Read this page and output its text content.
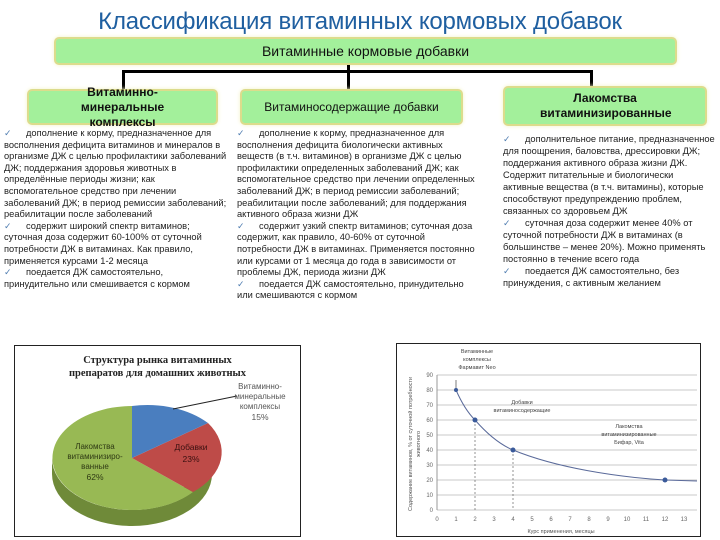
Классификация витаминных кормовых добавок
Витаминные кормовые добавки
Витаминно-минеральные комплексы
Витаминосодержащие добавки
Лакомства витаминизированные
✓ дополнение к корму, предназначенное для восполнения дефицита витаминов и минералов в организме ДЖ с целью профилактики заболеваний ДЖ; поддержания здоровья животных в определённые периоды жизни; как вспомогательное средство при лечении заболеваний ДЖ; в период ремиссии заболеваний; реабилитации после заболеваний
✓ содержит широкий спектр витаминов; суточная доза содержит 60-100% от суточной потребности ДЖ в витаминах. Как правило, применяется курсами 1-2 месяца
✓ поедается ДЖ самостоятельно, принудительно или смешивается с кормом
✓ дополнение к корму, предназначенное для восполнения дефицита биологически активных веществ (в т.ч. витаминов) в организме ДЖ с целью профилактики определенных заболеваний ДЖ; как вспомогательное средство при лечении определенных заболеваний ДЖ; в период ремиссии заболеваний; реабилитации после заболеваний; для поддержания активного образа жизни ДЖ
✓ содержит узкий спектр витаминов; суточная доза содержит, как правило, 40-60% от суточной потребности ДЖ в витаминах. Применяется постоянно или курсами от 1 месяца до года в зависимости от проблемы ДЖ, периода жизни ДЖ
✓ поедается ДЖ самостоятельно, принудительно или смешиваются с кормом
✓ дополнительное питание, предназначенное для поощрения, баловства, дрессировки ДЖ; поддержания активного образа жизни ДЖ. Содержит питательные и биологически активные вещества (в т.ч. витамины), которые способствуют предупреждению проблем, связанных со здоровьем ДЖ
✓ суточная доза содержит менее 40% от суточной потребности ДЖ в витаминах (в большинстве – менее 20%). Можно применять постоянно в течение всего года
✓ поедается ДЖ самостоятельно, без принуждения, с активным желанием
Структура рынка витаминных препаратов для домашних животных
Витаминно-
минеральные
комплексы
15%
Добавки
23%
Лакомства
витаминизиро-
ванные
62%
90
80
70
60
50
40
30
20
10
0
0	1	2	3	4	5	6	7	8	9 10 11 12 13
Витаминные
комплексы
Фармавит Neo
Добавки
витаминосодержащие
Лакомства
витаминизированные
Бифар, Vita
Курс применения, месяцы
Содержание витаминов, % от суточной потребности животного
